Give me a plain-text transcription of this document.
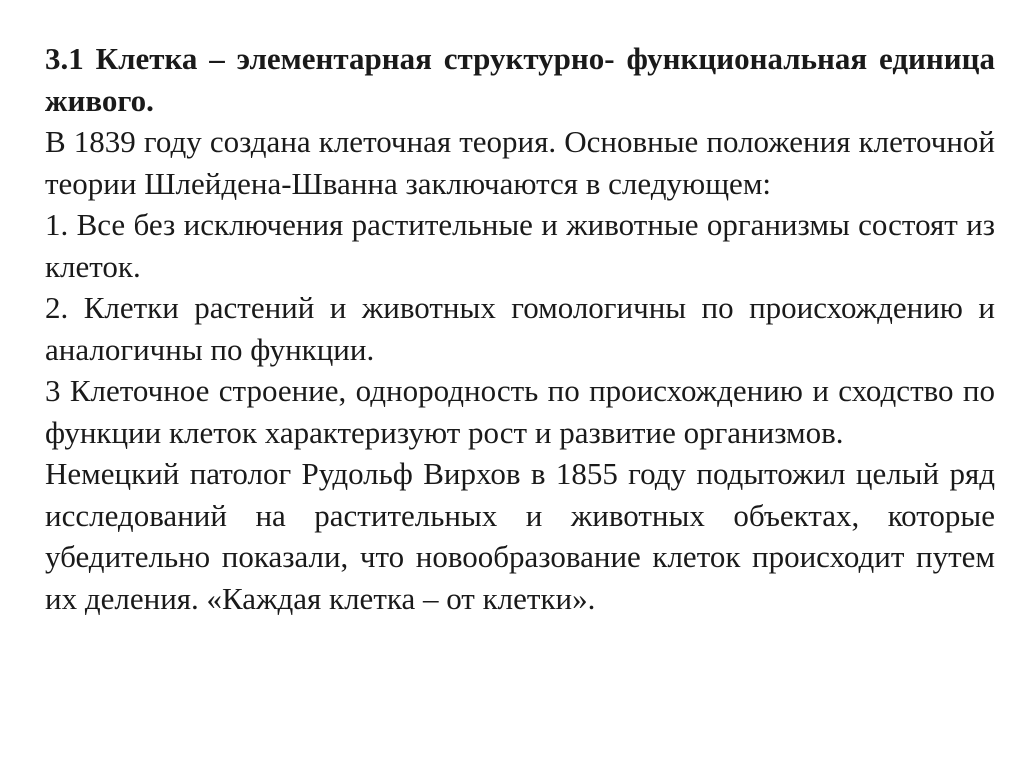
3.1 Клетка – элементарная структурно- функциональная единица живого.

В 1839 году создана клеточная теория. Основные положения клеточной теории Шлейдена-Шванна заключаются в следующем:

1. Все без исключения растительные и животные организмы состоят из клеток.

2. Клетки растений и животных гомологичны по происхождению и аналогичны по функции.

3 Клеточное строение, однородность по происхождению и сходство по функции клеток характеризуют рост и развитие организмов.

Немецкий патолог Рудольф Вирхов в 1855 году подытожил целый ряд исследований на растительных и животных объектах, которые убедительно показали, что новообразование клеток происходит путем их деления. «Каждая клетка – от клетки».
